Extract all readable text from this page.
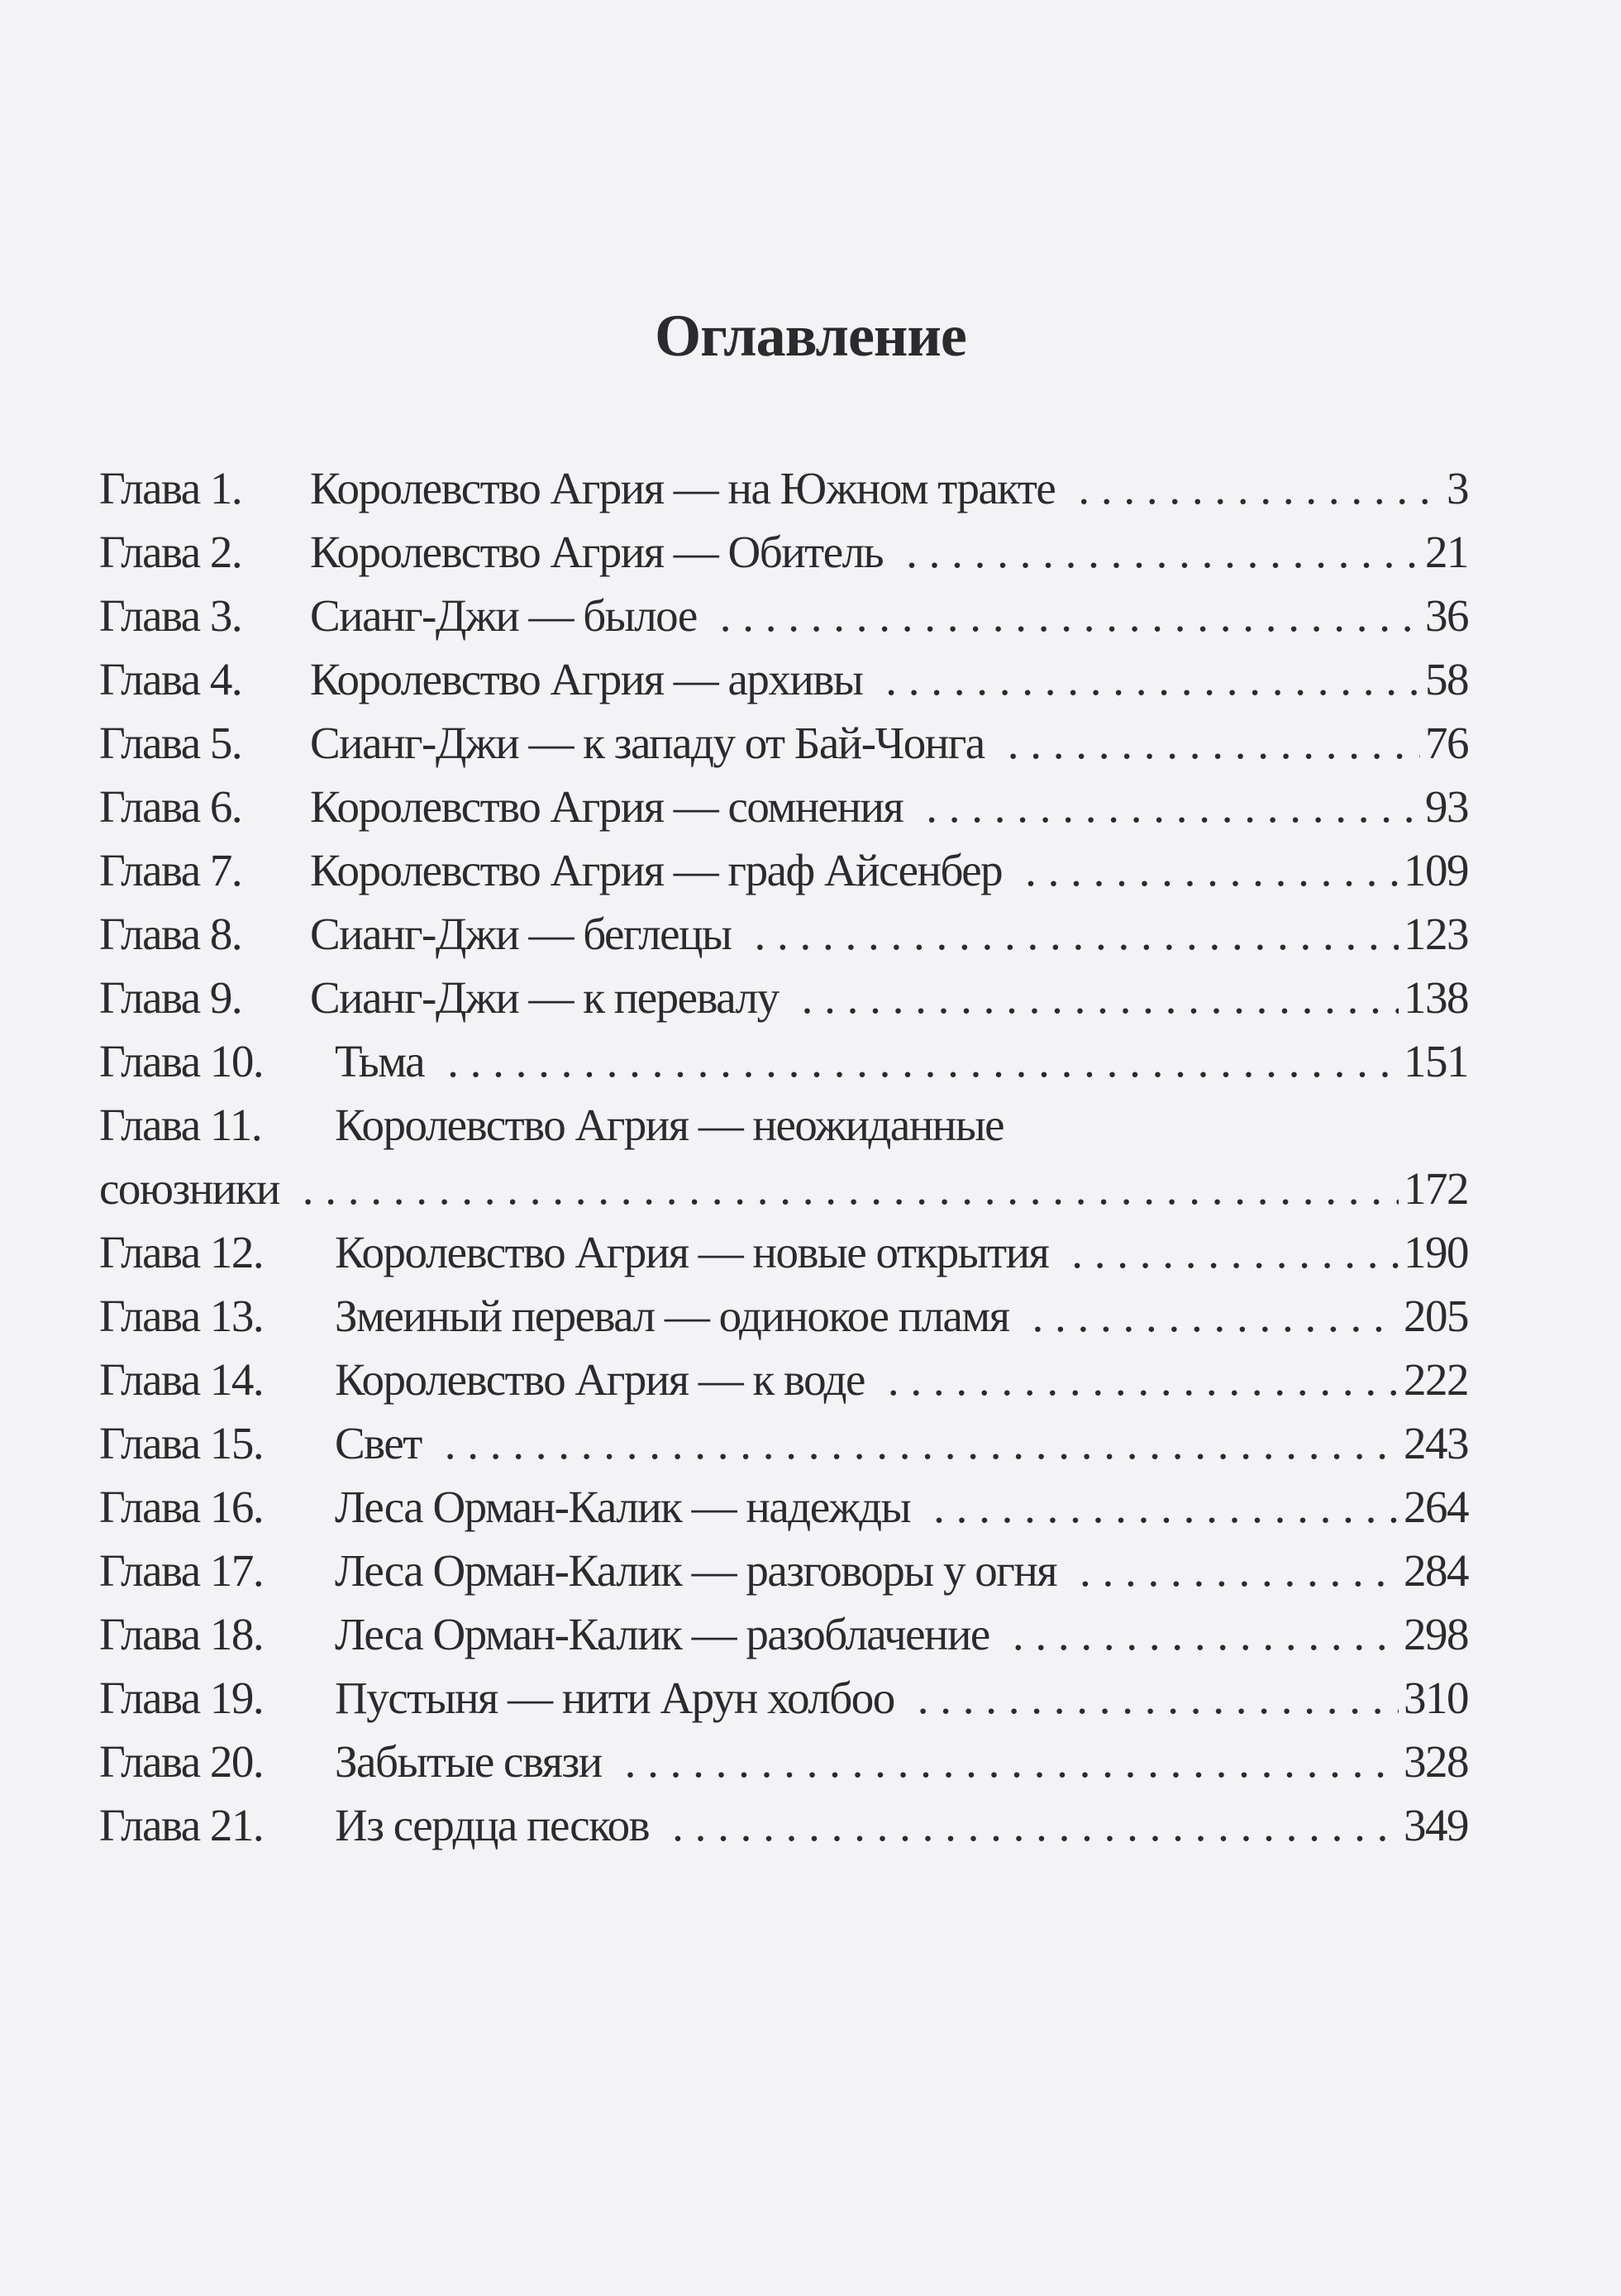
Оглавление
Глава 1.	Королевство Агрия — на Южном тракте . . .	3
Глава 2.	Королевство Агрия — Обитель . . .	21
Глава 3.	Сианг-Джи — былое . . .	36
Глава 4.	Королевство Агрия — архивы . . .	58
Глава 5.	Сианг-Джи — к западу от Бай-Чонга . . .	76
Глава 6.	Королевство Агрия — сомнения . . .	93
Глава 7.	Королевство Агрия — граф Айсенбер . . .	109
Глава 8.	Сианг-Джи — беглецы . . .	123
Глава 9.	Сианг-Джи — к перевалу . . .	138
Глава 10.	Тьма . . .	151
Глава 11.	Королевство Агрия — неожиданные
союзники . . .	172
Глава 12.	Королевство Агрия — новые открытия . . .	190
Глава 13.	Змеиный перевал — одинокое пламя . . .	205
Глава 14.	Королевство Агрия — к воде . . .	222
Глава 15.	Свет . . .	243
Глава 16.	Леса Орман-Калик — надежды . . .	264
Глава 17.	Леса Орман-Калик — разговоры у огня . . .	284
Глава 18.	Леса Орман-Калик — разоблачение . . .	298
Глава 19.	Пустыня — нити Арун холбоо . . .	310
Глава 20.	Забытые связи . . .	328
Глава 21.	Из сердца песков . . .	349
